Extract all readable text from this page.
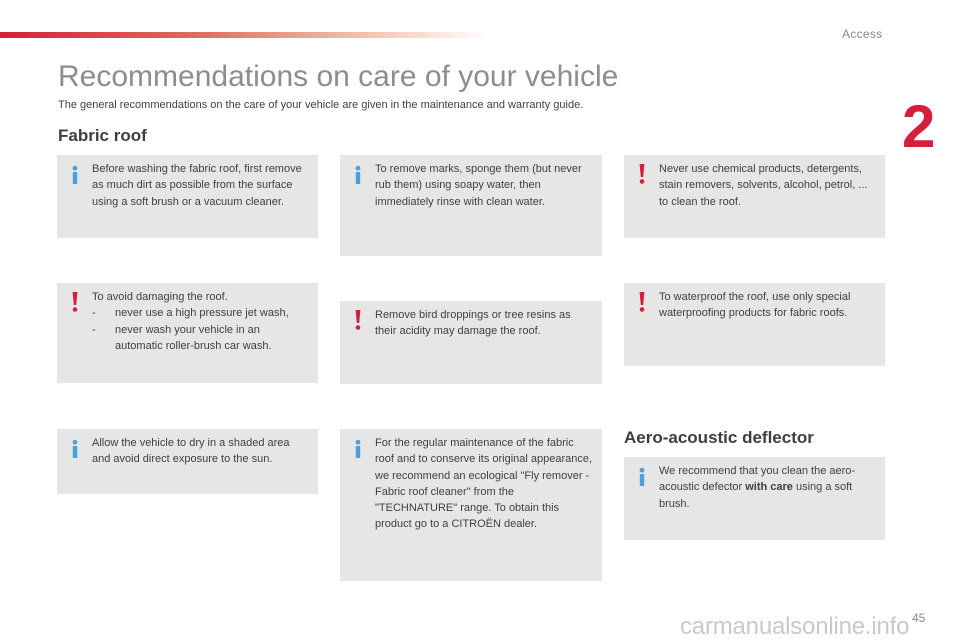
Access
2
Recommendations on care of your vehicle

The general recommendations on the care of your vehicle are given in the maintenance and warranty guide.

Fabric roof

Before washing the fabric roof, first remove as much dirt as possible from the surface using a soft brush or a vacuum cleaner.

To avoid damaging the roof.

- never use a high pressure jet wash,
- never wash your vehicle in an automatic roller-brush car wash.

Allow the vehicle to dry in a shaded area and avoid direct exposure to the sun.

To remove marks, sponge them (but never rub them) using soapy water, then immediately rinse with clean water.

Remove bird droppings or tree resins as their acidity may damage the roof.

For the regular maintenance of the fabric roof and to conserve its original appearance, we recommend an ecological "Fly remover - Fabric roof cleaner" from the "TECHNATURE" range. To obtain this product go to a CITROËN dealer.

Never use chemical products, detergents, stain removers, solvents, alcohol, petrol, ... to clean the roof.

To waterproof the roof, use only special waterproofing products for fabric roofs.

Aero-acoustic deflector

We recommend that you clean the aero-acoustic defector with care using a soft brush.

45
carmanualsonline.info
